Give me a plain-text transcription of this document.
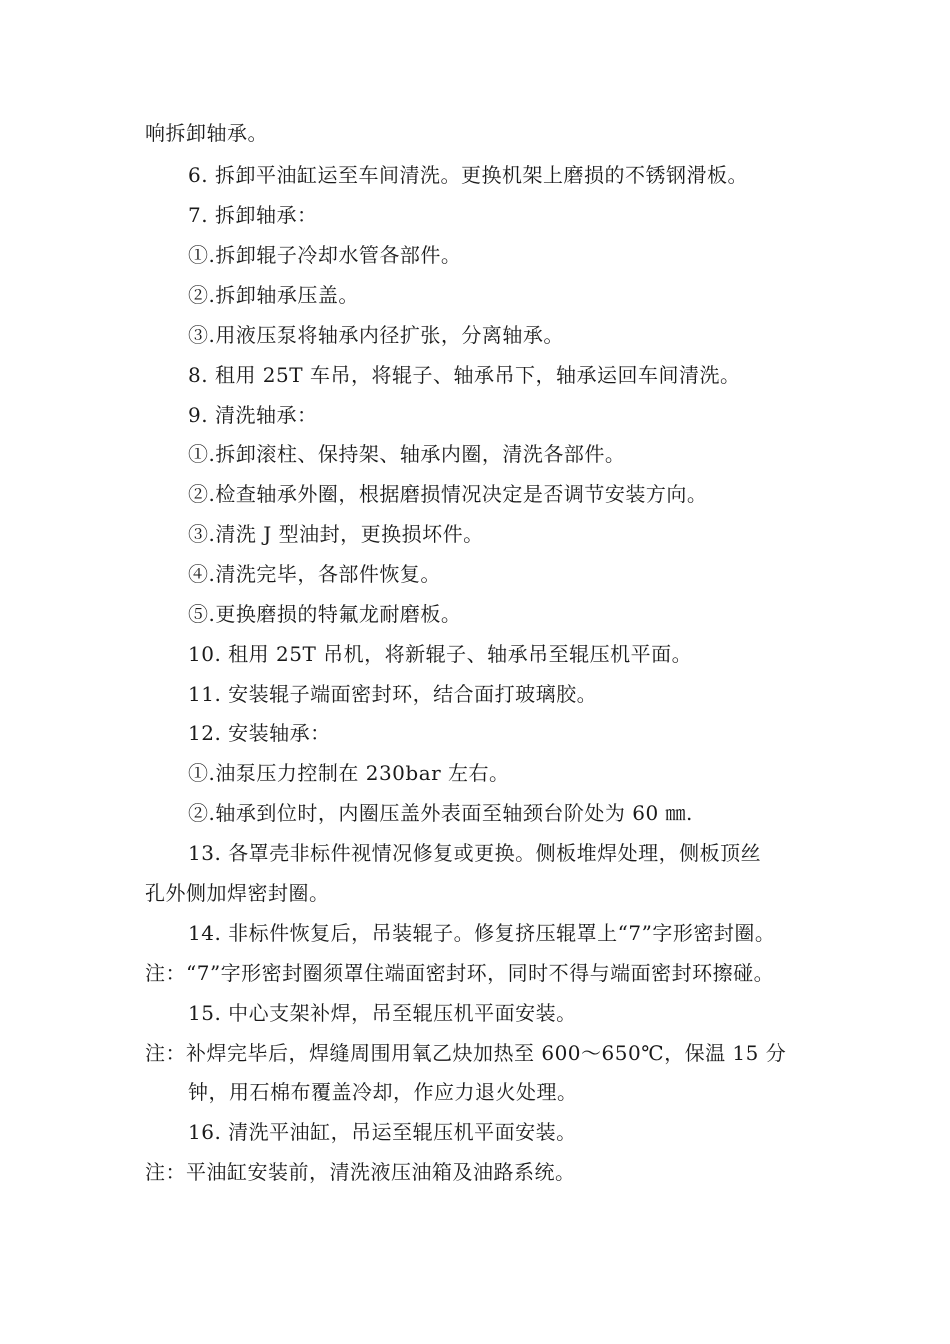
响拆卸轴承。
6. 拆卸平油缸运至车间清洗。更换机架上磨损的不锈钢滑板。
7. 拆卸轴承：
①.拆卸辊子冷却水管各部件。
②.拆卸轴承压盖。
③.用液压泵将轴承内径扩张，分离轴承。
8. 租用 25T 车吊，将辊子、轴承吊下，轴承运回车间清洗。
9. 清洗轴承：
①.拆卸滚柱、保持架、轴承内圈，清洗各部件。
②.检查轴承外圈，根据磨损情况决定是否调节安装方向。
③.清洗 J 型油封，更换损坏件。
④.清洗完毕，各部件恢复。
⑤.更换磨损的特氟龙耐磨板。
10. 租用 25T 吊机，将新辊子、轴承吊至辊压机平面。
11. 安装辊子端面密封环，结合面打玻璃胶。
12. 安装轴承：
①.油泵压力控制在 230bar 左右。
②.轴承到位时，内圈压盖外表面至轴颈台阶处为 60 ㎜.
13. 各罩壳非标件视情况修复或更换。侧板堆焊处理，侧板顶丝
孔外侧加焊密封圈。
14. 非标件恢复后，吊装辊子。修复挤压辊罩上“7”字形密封圈。
注：“7”字形密封圈须罩住端面密封环，同时不得与端面密封环擦碰。
15. 中心支架补焊，吊至辊压机平面安装。
注：补焊完毕后，焊缝周围用氧乙炔加热至 600～650℃，保温 15 分
钟，用石棉布覆盖冷却，作应力退火处理。
16. 清洗平油缸，吊运至辊压机平面安装。
注：平油缸安装前，清洗液压油箱及油路系统。
